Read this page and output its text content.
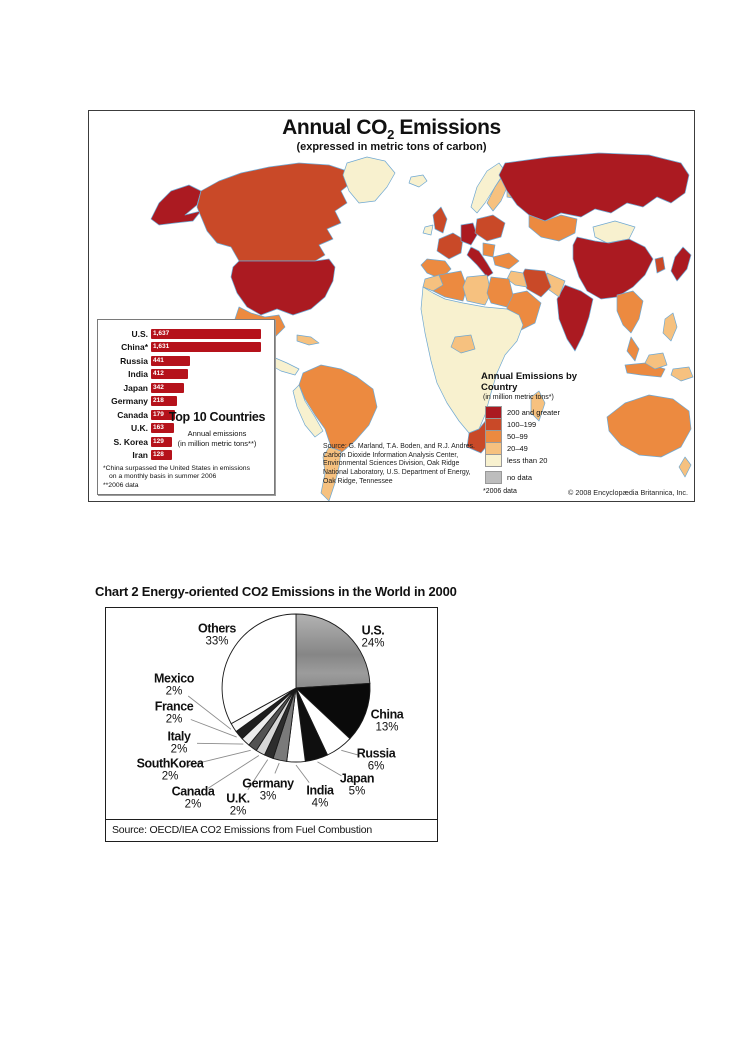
Annual $CO_2$ Emissions
(expressed in metric tons of carbon)
U.S. 1,637
China* 1,631
Russia 441
India 412
Japan 342
Germany 218
Canada 179
U.K. 163
S. Korea 129
Iran 128
Top 10 Countries
Annual emissions
(in million metric tons**)
*China surpassed the United States in emissions
on a monthly basis in summer 2006
**2006 data
Annual Emissions by Country
(in million metric tons*)
200 and greater
100–199
50–99
20–49
less than 20
no data
*2006 data
Source: G. Marland, T.A. Boden, and R.J. Andres. Carbon Dioxide Information Analysis Center, Environmental Sciences Division, Oak Ridge National Laboratory, U.S. Department of Energy, Oak Ridge, Tennessee
© 2008 Encyclopædia Britannica, Inc.
Chart 2 Energy-oriented CO2 Emissions in the World in 2000
U.S.
24%
China
13%
Russia
6%
Japan
5%
India
4%
Germany
3%
U.K.
2%
Canada
2%
SouthKorea
2%
Italy
2%
France
2%
Mexico
2%
Others
33%
Source: OECD/IEA CO2 Emissions from Fuel Combustion
